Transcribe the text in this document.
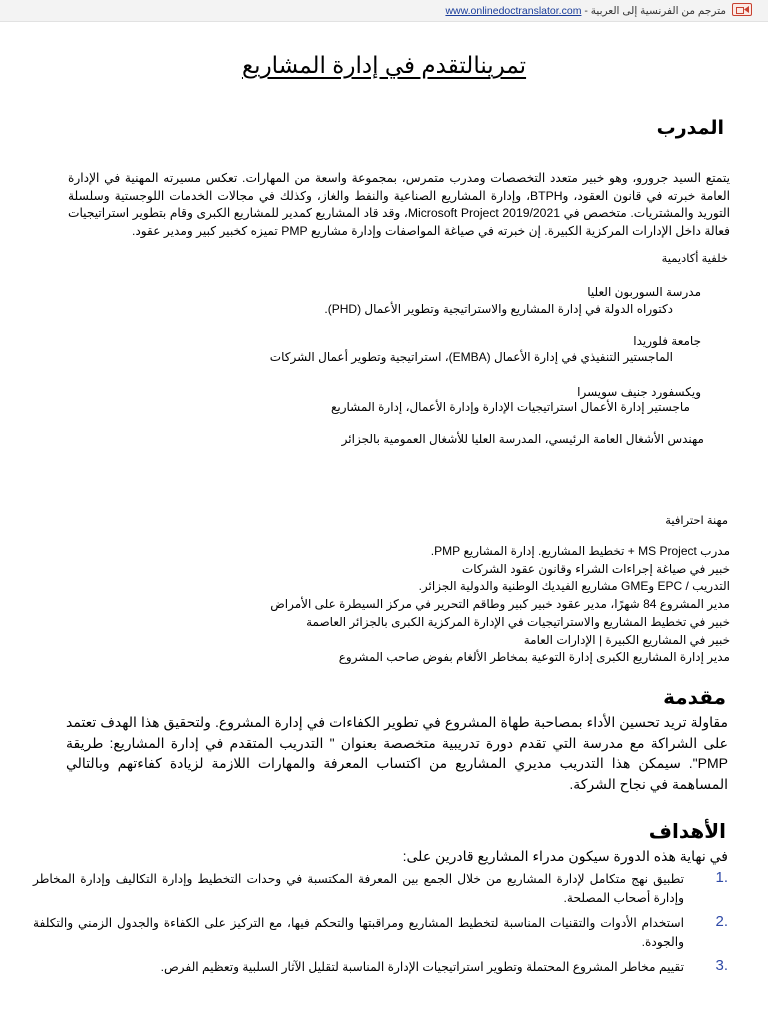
مترجم من الفرنسية إلى العربية - www.onlinedoctranslator.com
تمرينالتقدم في إدارة المشاريع
المدرب
يتمتع السيد جرورو، وهو خبير متعدد التخصصات ومدرب متمرس، بمجموعة واسعة من المهارات. تعكس مسيرته المهنية في الإدارة العامة خبرته في قانون العقود، وBTPH، وإدارة المشاريع الصناعية والنفط والغاز، وكذلك في مجالات الخدمات اللوجستية وسلسلة التوريد والمشتريات. متخصص في Microsoft Project 2019/2021، وقد قاد المشاريع كمدير للمشاريع الكبرى وقام بتطوير استراتيجيات فعالة داخل الإدارات المركزية الكبيرة. إن خبرته في صياغة المواصفات وإدارة مشاريع PMP تميزه كخبير كبير ومدير عقود.
خلفية أكاديمية
مدرسة السوربون العليا
دكتوراه الدولة في إدارة المشاريع والاستراتيجية وتطوير الأعمال (PHD).
جامعة فلوريدا
الماجستير التنفيذي في إدارة الأعمال (EMBA)، استراتيجية وتطوير أعمال الشركات
ويكسفورد جنيف سويسرا
ماجستير إدارة الأعمال استراتيجيات الإدارة وإدارة الأعمال، إدارة المشاريع
مهندس الأشغال العامة الرئيسي، المدرسة العليا للأشغال العمومية بالجزائر
مهنة احترافية
مدرب MS Project + تخطيط المشاريع. إدارة المشاريع PMP.
خبير في صياغة إجراءات الشراء وقانون عقود الشركات
التدريب / EPC وGME مشاريع الفيديك الوطنية والدولية الجزائر.
مدير المشروع 84 شهرًا، مدير عقود خبير كبير وطاقم التحرير في مركز السيطرة على الأمراض
خبير في تخطيط المشاريع والاستراتيجيات في الإدارة المركزية الكبرى بالجزائر العاصمة
خبير في المشاريع الكبيرة | الإدارات العامة
مدير إدارة المشاريع الكبرى إدارة التوعية بمخاطر الألغام بفوض صاحب المشروع
مقدمة
مقاولة تريد تحسين الأداء بمصاحبة طهاة المشروع في تطوير الكفاءات في إدارة المشروع. ولتحقيق هذا الهدف تعتمد على الشراكة مع مدرسة التي تقدم دورة تدريبية متخصصة بعنوان " التدريب المتقدم في إدارة المشاريع: طريقة PMP". سيمكن هذا التدريب مديري المشاريع من اكتساب المعرفة والمهارات اللازمة لزيادة كفاءتهم وبالتالي المساهمة في نجاح الشركة.
الأهداف
في نهاية هذه الدورة سيكون مدراء المشاريع قادرين على:
1.
تطبيق نهج متكامل لإدارة المشاريع من خلال الجمع بين المعرفة المكتسبة في وحدات التخطيط وإدارة التكاليف وإدارة المخاطر وإدارة أصحاب المصلحة.
2.
استخدام الأدوات والتقنيات المناسبة لتخطيط المشاريع ومراقبتها والتحكم فيها، مع التركيز على الكفاءة والجدول الزمني والتكلفة والجودة.
3.
تقييم مخاطر المشروع المحتملة وتطوير استراتيجيات الإدارة المناسبة لتقليل الآثار السلبية وتعظيم الفرص.
